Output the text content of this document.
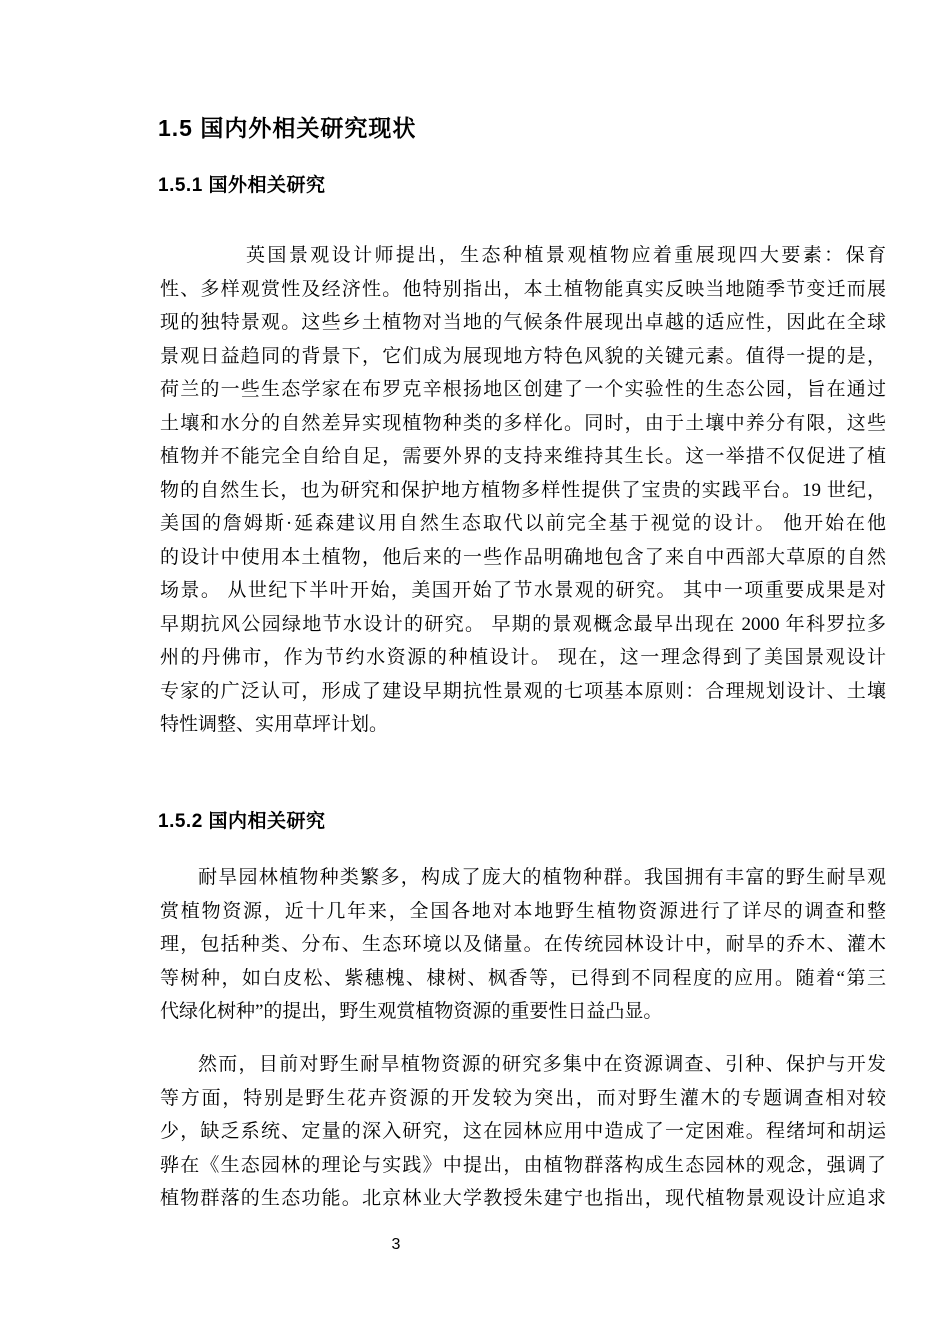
1.5 国内外相关研究现状
1.5.1 国外相关研究
英国景观设计师提出，生态种植景观植物应着重展现四大要素：保育
性、多样观赏性及经济性。他特别指出，本土植物能真实反映当地随季节变迁而展
现的独特景观。这些乡土植物对当地的气候条件展现出卓越的适应性，因此在全球
景观日益趋同的背景下，它们成为展现地方特色风貌的关键元素。值得一提的是，
荷兰的一些生态学家在布罗克辛根扬地区创建了一个实验性的生态公园，旨在通过
土壤和水分的自然差异实现植物种类的多样化。同时，由于土壤中养分有限，这些
植物并不能完全自给自足，需要外界的支持来维持其生长。这一举措不仅促进了植
物的自然生长，也为研究和保护地方植物多样性提供了宝贵的实践平台。19 世纪，
美国的詹姆斯·延森建议用自然生态取代以前完全基于视觉的设计。 他开始在他
的设计中使用本土植物，他后来的一些作品明确地包含了来自中西部大草原的自然
场景。 从世纪下半叶开始，美国开始了节水景观的研究。 其中一项重要成果是对
早期抗风公园绿地节水设计的研究。 早期的景观概念最早出现在 2000 年科罗拉多
州的丹佛市，作为节约水资源的种植设计。 现在，这一理念得到了美国景观设计
专家的广泛认可，形成了建设早期抗性景观的七项基本原则：合理规划设计、土壤
特性调整、实用草坪计划。
1.5.2 国内相关研究
耐旱园林植物种类繁多，构成了庞大的植物种群。我国拥有丰富的野生耐旱观
赏植物资源，近十几年来，全国各地对本地野生植物资源进行了详尽的调查和整
理，包括种类、分布、生态环境以及储量。在传统园林设计中，耐旱的乔木、灌木
等树种，如白皮松、紫穗槐、棣树、枫香等，已得到不同程度的应用。随着“第三
代绿化树种”的提出，野生观赏植物资源的重要性日益凸显。
然而，目前对野生耐旱植物资源的研究多集中在资源调查、引种、保护与开发
等方面，特别是野生花卉资源的开发较为突出，而对野生灌木的专题调查相对较
少，缺乏系统、定量的深入研究，这在园林应用中造成了一定困难。程绪坷和胡运
骅在《生态园林的理论与实践》中提出，由植物群落构成生态园林的观念，强调了
植物群落的生态功能。北京林业大学教授朱建宁也指出，现代植物景观设计应追求
3
